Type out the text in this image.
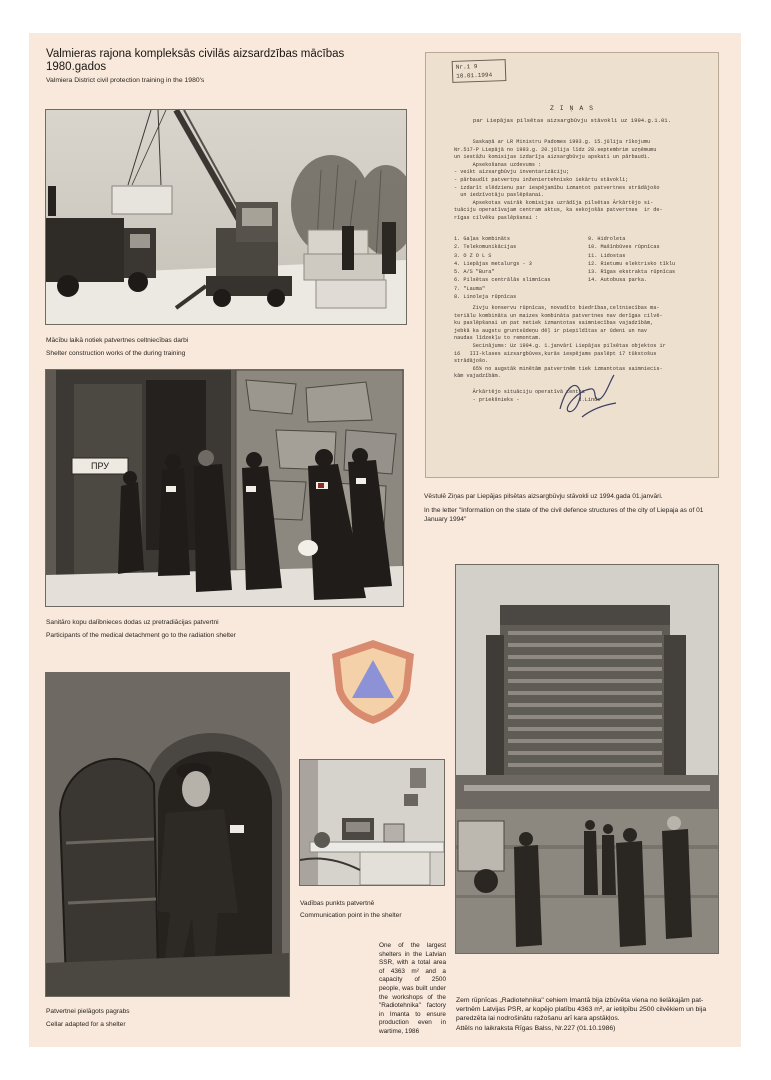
Valmieras rajona kompleksās civilās aizsardzības mācības 1980.gados
Valmiera District civil protection training in the 1980's
Mācību laikā notiek patvertnes celtniecības darbi
Shelter construction works of the during training
ПРУ
Sanitāro kopu dalībnieces dodas uz pretradiācijas patvertni
Participants of the medical detachment go to the radiation shelter
Nr.1 9
10.01.1994
Z I Ņ A S
par Liepājas pilsētas aizsargbūvju stāvokli uz 1994.g.1.01.
Saskaņā ar LR Ministru Padomes 1993.g. 15.jūlija rīkojumu
Nr.517-P Liepājā no 1993.g. 20.jūlija līdz 28.septembrim uzņēmumu
un iestāžu komisijas izdarīja aizsargbūvju apskati un pārbaudi.
Apsekošanas uzdevums :
- veikt aizsargbūvju inventarizāciju;
- pārbaudīt patvertņu inženiertehnisko iekārtu stāvokli;
- izdarīt slēdzienu par iespējamību izmantot patvertnes strādājošo
un iedzīvotāju paslēpšanai.
Apsekotas vairāk komisijas uzrādīja pilsētas Ārkārtējo si-
tuāciju operatīvajam centram aktus, ka sekojošās patvertnes  ir de-
rīgas cilvēku paslēpšanai :
1. Gaļas kombināts
2. Telekomunikācijas
3. O Z O L S
4. Liepājas metalurgs - 3
5. A/S "Bura"
6. Pilsētas centrālās slimnīcas
7. "Lauma"
8. Linoleja rūpnīcas
9. Hidroleta
10. Mašīnbūves rūpnīcas
11. Lidostas
12. Rietumu elektrisko tīklu
13. Rīgas ekstrakta rūpnīcas
14. Autobusa parka.
Zivju konservu rūpnīcas, novadīto biedrības,celtniecības ma-
teriālu kombināta un maizes kombināta patvertnes nav derīgas cilvē-
ku paslēpšanai un pat netiek izmantotas saimniecības vajadzībām,
jebkā ka augstu gruntsūdeņu dēļ ir piepildītas ar ūdeni un nav
naudas līdzekļu to remontam.
Secinājums: Uz 1994.g. 1.janvārī Liepājas pilsētas objektos ir
16   III-klases aizsargbūves,kurās iespējams paslēpt 17 tūkstošus
strādājošo.
65% no augstāk minētām patvertnēm tiek izmantotas saimniecis-
kām vajadzībām.
Ārkārtējo situāciju operatīvā centra
- priekšnieks -                   J.Linde
Vēstulē Ziņas par Liepājas pilsētas aizsargbūvju stāvokli uz 1994.gada 01.janvāri.
In the letter "Information on the state of the civil defence structures of the city of Liepaja as of 01 January 1994"
Zem rūpnīcas „Radiotehnika" cehiem Imantā bija izbūvēta viena no lielākajām pat-
vertnēm Latvijas PSR, ar kopējo platību 4363 m², ar ietilpību 2500 cilvēkiem un bija
paredzēta lai nodrošinātu ražošanu arī kara apstākļos.
Attēls no laikraksta Rīgas Balss, Nr.227 (01.10.1986)
Patvertnei pielāgots pagrabs
Cellar adapted for a shelter
Vadības punkts patvertnē
Communication point in the shelter
One of the largest shelters in the Latvian SSR, with a total area of 4363 m² and a capacity of 2500 people, was built under the workshops of the "Radiotehnika" factory in Imanta to ensure production even in wartime, 1986
